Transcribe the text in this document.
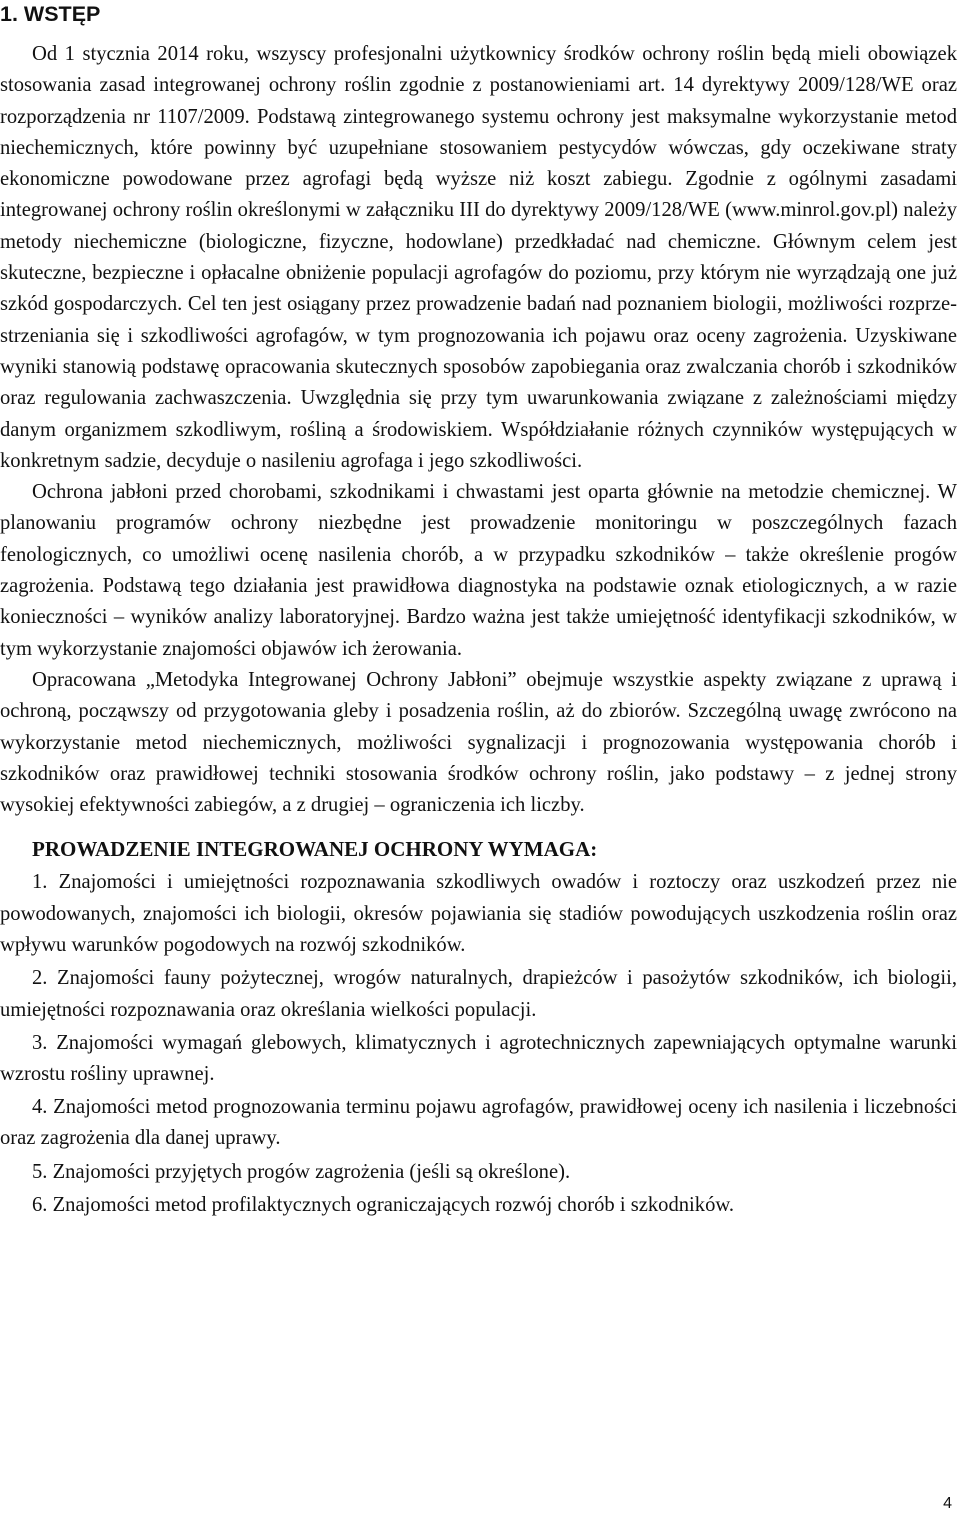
1. WSTĘP

Od 1 stycznia 2014 roku, wszyscy profesjonalni użytkownicy środków ochrony roślin będą mieli obowiązek stosowania zasad integrowanej ochrony roślin zgodnie z postanowieniami art. 14 dyrektywy 2009/128/WE oraz rozporządzenia nr 1107/2009. Podstawą zintegrowanego systemu ochrony jest maksymalne wykorzystanie metod niechemicznych, które powinny być uzupełniane stosowaniem pestycydów wówczas, gdy oczekiwane straty ekonomiczne powodowane przez agrofagi będą wyższe niż koszt zabiegu. Zgodnie z ogólnymi zasadami integrowanej ochrony roślin określonymi w załączniku III do dyrektywy 2009/128/WE (www.minrol.gov.pl) należy metody niechemiczne (biologiczne, fizyczne, hodowlane) przedkładać nad chemiczne. Głównym celem jest skuteczne, bezpieczne i opłacalne obniżenie populacji agrofagów do poziomu, przy którym nie wyrządzają one już szkód gospodarczych. Cel ten jest osiągany przez prowadzenie badań nad poznaniem biologii, możliwości rozprzestrzeniania się i szkodliwości agrofagów, w tym prognozowania ich pojawu oraz oceny zagrożenia. Uzyskiwane wyniki stanowią podstawę opracowania skutecznych sposobów zapobiegania oraz zwalczania chorób i szkodników oraz regulowania zachwaszczenia. Uwzględnia się przy tym uwarunkowania związane z zależnościami między danym organizmem szkodliwym, rośliną a środowiskiem. Współdziałanie różnych czynników występujących w konkretnym sadzie, decyduje o nasileniu agrofaga i jego szkodliwości.

Ochrona jabłoni przed chorobami, szkodnikami i chwastami jest oparta głównie na metodzie chemicznej. W planowaniu programów ochrony niezbędne jest prowadzenie monitoringu w poszczególnych fazach fenologicznych, co umożliwi ocenę nasilenia chorób, a w przypadku szkodników – także określenie progów zagrożenia. Podstawą tego działania jest prawidłowa diagnostyka na podstawie oznak etiologicznych, a w razie konieczności – wyników analizy laboratoryjnej. Bardzo ważna jest także umiejętność identyfikacji szkodników, w tym wykorzystanie znajomości objawów ich żerowania.

Opracowana „Metodyka Integrowanej Ochrony Jabłoni” obejmuje wszystkie aspekty związane z uprawą i ochroną, począwszy od przygotowania gleby i posadzenia roślin, aż do zbiorów. Szczególną uwagę zwrócono na wykorzystanie metod niechemicznych, możliwości sygnalizacji i prognozowania występowania chorób i szkodników oraz prawidłowej techniki stosowania środków ochrony roślin, jako podstawy – z jednej strony wysokiej efektywności zabiegów, a z drugiej – ograniczenia ich liczby.

PROWADZENIE INTEGROWANEJ OCHRONY WYMAGA:
1. Znajomości i umiejętności rozpoznawania szkodliwych owadów i roztoczy oraz uszkodzeń przez nie powodowanych, znajomości ich biologii, okresów pojawiania się stadiów powodujących uszkodzenia roślin oraz wpływu warunków pogodowych na rozwój szkodników.
2. Znajomości fauny pożytecznej, wrogów naturalnych, drapieżców i pasożytów szkodników, ich biologii, umiejętności rozpoznawania oraz określania wielkości populacji.
3. Znajomości wymagań glebowych, klimatycznych i agrotechnicznych zapewniających optymalne warunki wzrostu rośliny uprawnej.
4. Znajomości metod prognozowania terminu pojawu agrofagów, prawidłowej oceny ich nasilenia i liczebności oraz zagrożenia dla danej uprawy.
5. Znajomości przyjętych progów zagrożenia (jeśli są określone).
6. Znajomości metod profilaktycznych ograniczających rozwój chorób i szkodników.
4
